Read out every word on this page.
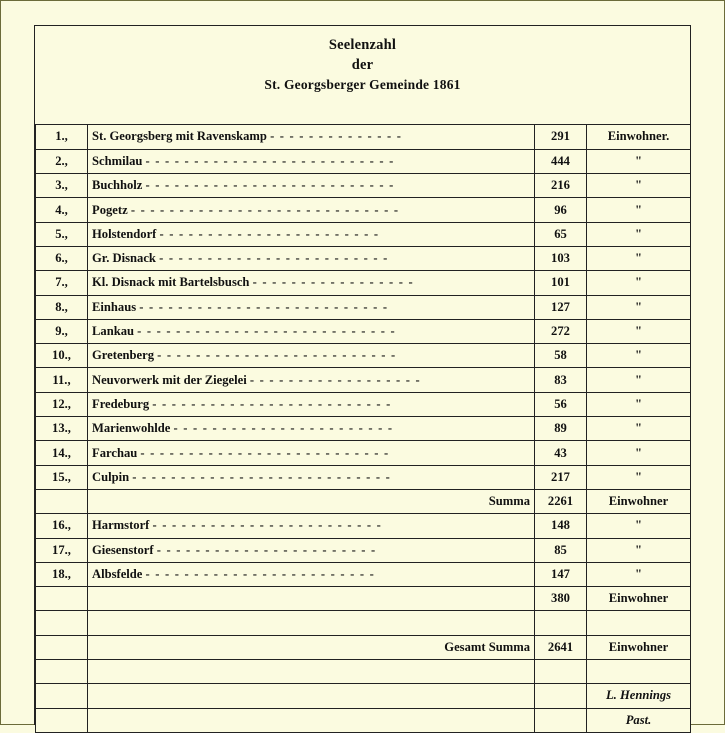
Seelenzahl
der
St. Georgsberger Gemeinde 1861
1.,	St. Georgsberg mit Ravenskamp - - - - - - - - - - - - - -	291	Einwohner.
2.,	Schmilau - - - - - - - - - - - - - - - - - - - - - - - - - -	444	"
3.,	Buchholz - - - - - - - - - - - - - - - - - - - - - - - - - -	216	"
4.,	Pogetz - - - - - - - - - - - - - - - - - - - - - - - - - - - -	96	"
5.,	Holstendorf - - - - - - - - - - - - - - - - - - - - - - -	65	"
6.,	Gr. Disnack - - - - - - - - - - - - - - - - - - - - - - - -	103	"
7.,	Kl. Disnack mit Bartelsbusch - - - - - - - - - - - - - - - - -	101	"
8.,	Einhaus - - - - - - - - - - - - - - - - - - - - - - - - - -	127	"
9.,	Lankau - - - - - - - - - - - - - - - - - - - - - - - - - - -	272	"
10.,	Gretenberg - - - - - - - - - - - - - - - - - - - - - - - - -	58	"
11.,	Neuvorwerk mit der Ziegelei - - - - - - - - - - - - - - - - - -	83	"
12.,	Fredeburg - - - - - - - - - - - - - - - - - - - - - - - - -	56	"
13.,	Marienwohlde - - - - - - - - - - - - - - - - - - - - - - -	89	"
14.,	Farchau - - - - - - - - - - - - - - - - - - - - - - - - - -	43	"
15.,	Culpin - - - - - - - - - - - - - - - - - - - - - - - - - - -	217	"
	Summa	2261	Einwohner
16.,	Harmstorf - - - - - - - - - - - - - - - - - - - - - - - -	148	"
17.,	Giesenstorf - - - - - - - - - - - - - - - - - - - - - - -	85	"
18.,	Albsfelde - - - - - - - - - - - - - - - - - - - - - - - -	147	"
		380	Einwohner

	Gesamt Summa	2641	Einwohner

			L. Hennings
			Past.
